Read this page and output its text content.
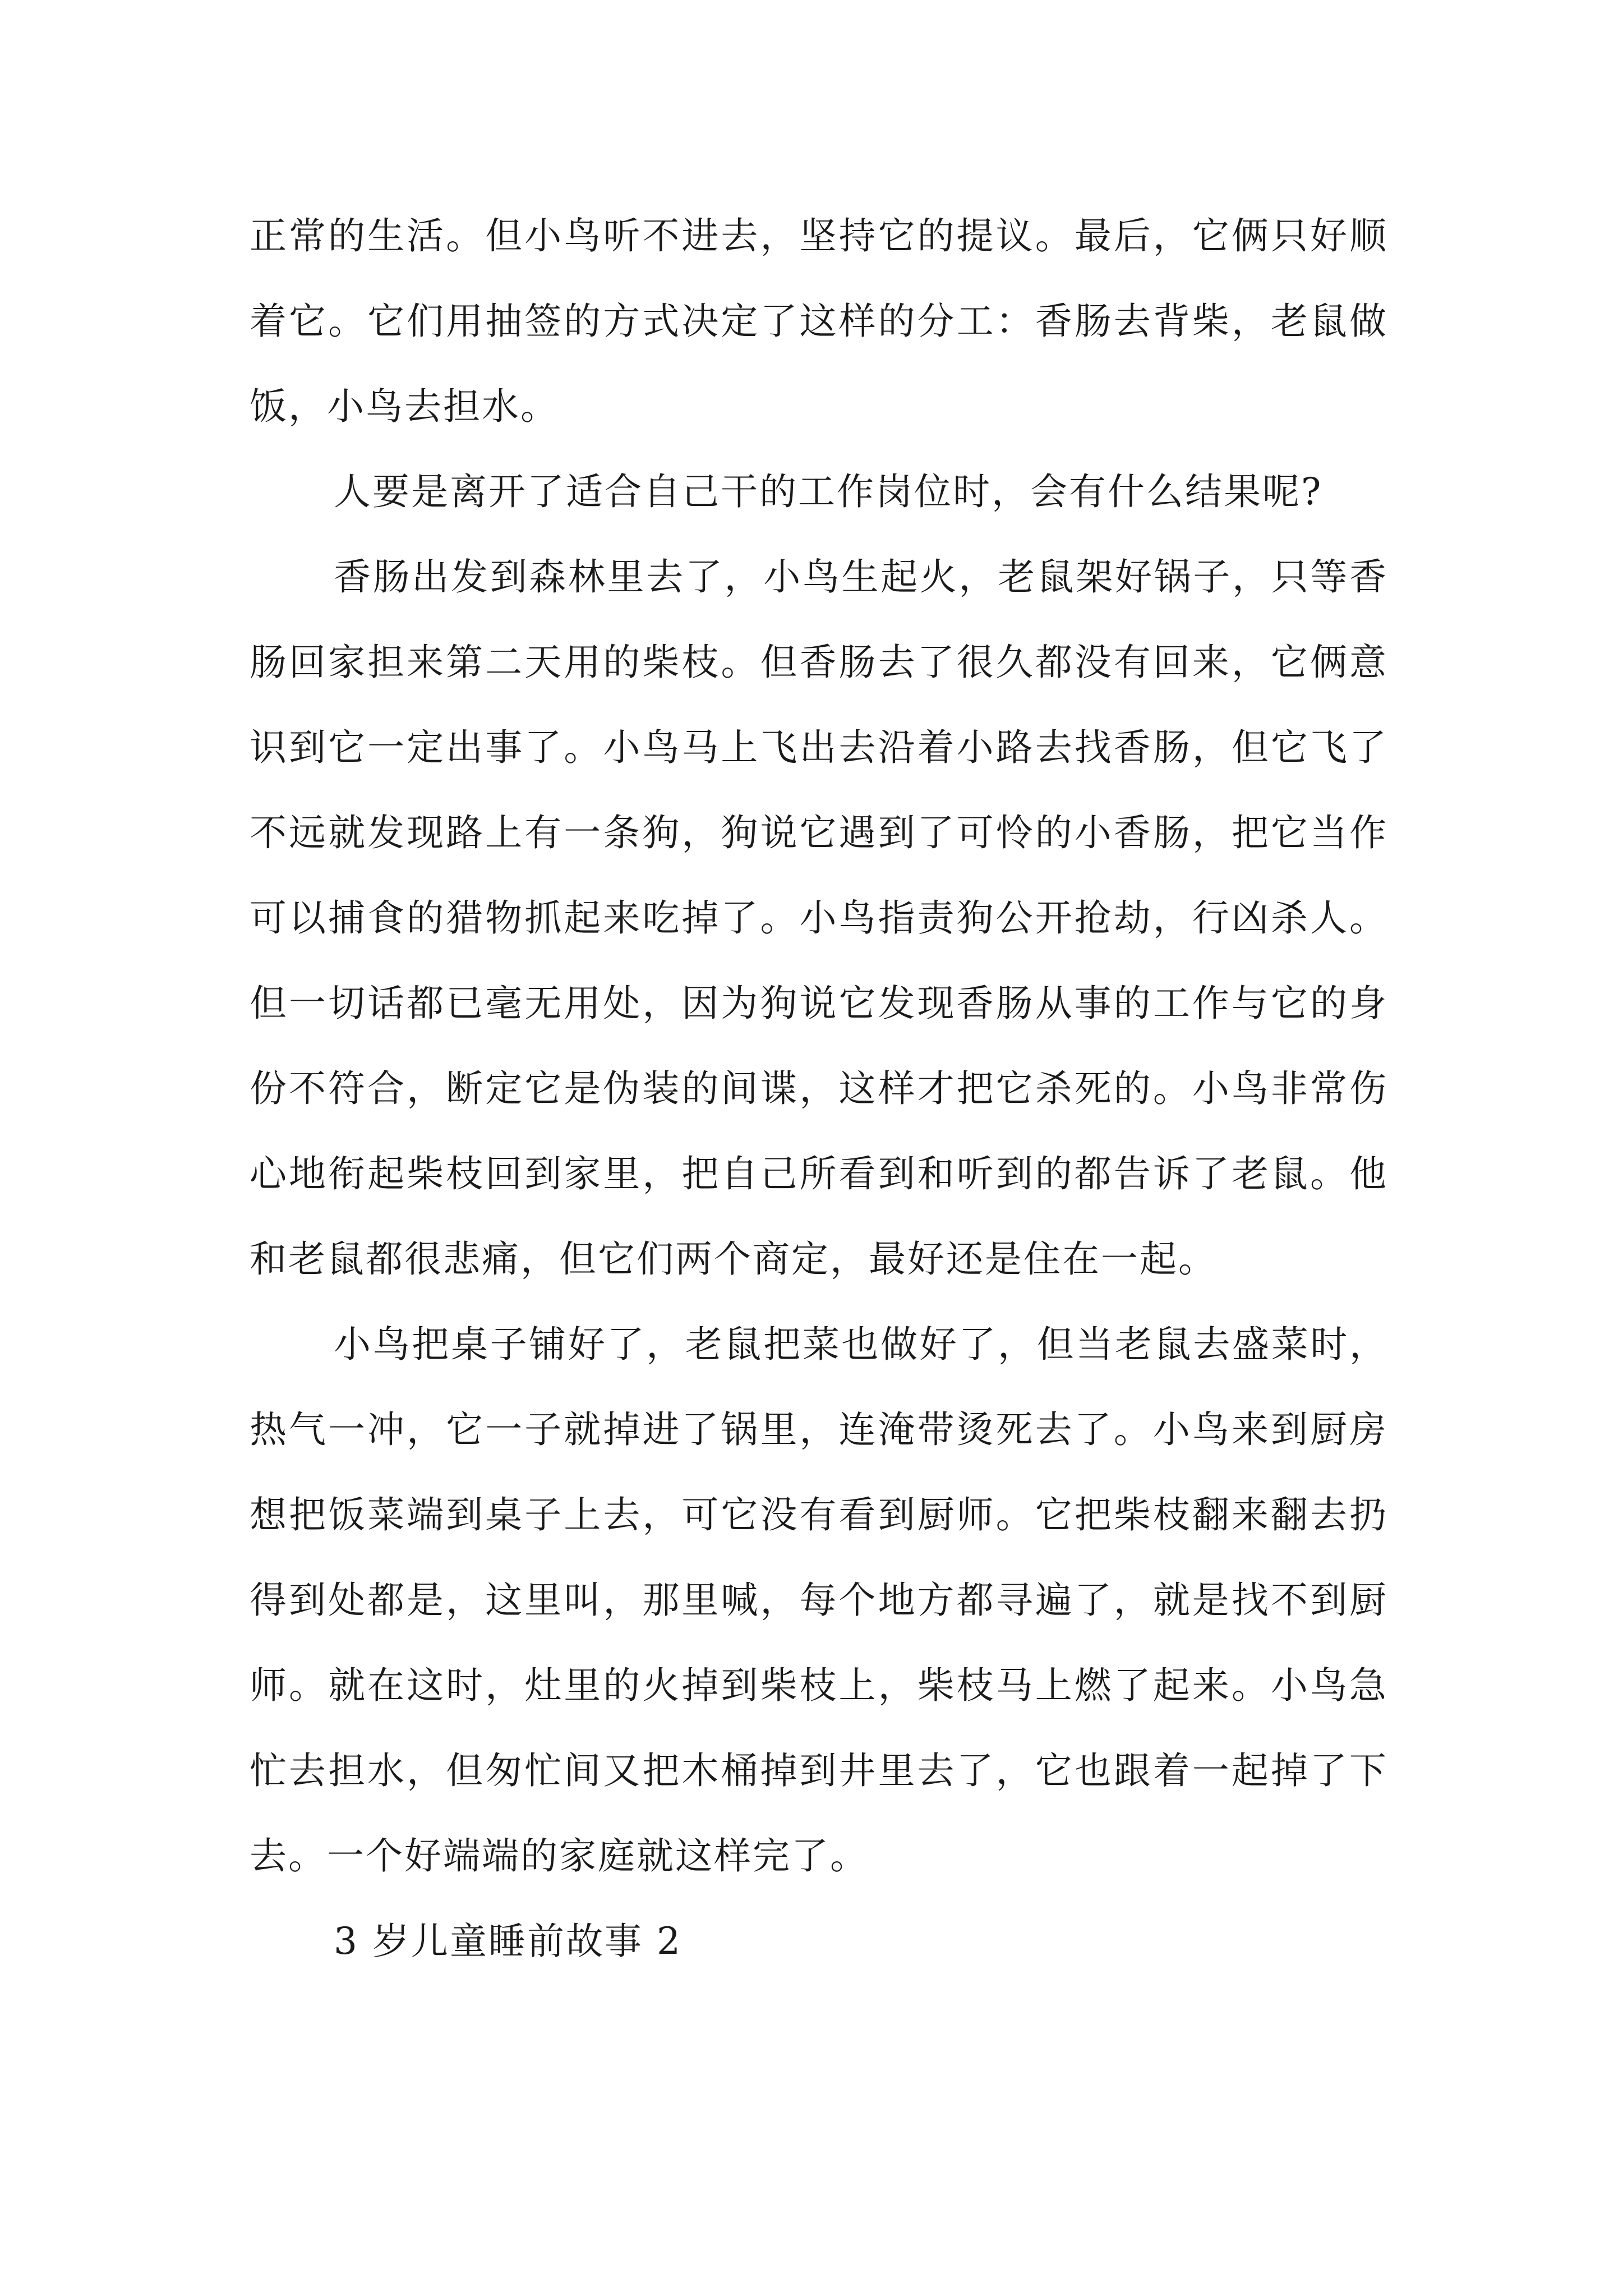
正常的生活。但小鸟听不进去，坚持它的提议。最后，它俩只好顺着它。它们用抽签的方式决定了这样的分工：香肠去背柴，老鼠做饭，小鸟去担水。

人要是离开了适合自己干的工作岗位时，会有什么结果呢?

香肠出发到森林里去了，小鸟生起火，老鼠架好锅子，只等香肠回家担来第二天用的柴枝。但香肠去了很久都没有回来，它俩意识到它一定出事了。小鸟马上飞出去沿着小路去找香肠，但它飞了不远就发现路上有一条狗，狗说它遇到了可怜的小香肠，把它当作可以捕食的猎物抓起来吃掉了。小鸟指责狗公开抢劫，行凶杀人。但一切话都已毫无用处，因为狗说它发现香肠从事的工作与它的身份不符合，断定它是伪装的间谍，这样才把它杀死的。小鸟非常伤心地衔起柴枝回到家里，把自己所看到和听到的都告诉了老鼠。他和老鼠都很悲痛，但它们两个商定，最好还是住在一起。

小鸟把桌子铺好了，老鼠把菜也做好了，但当老鼠去盛菜时，热气一冲，它一子就掉进了锅里，连淹带烫死去了。小鸟来到厨房想把饭菜端到桌子上去，可它没有看到厨师。它把柴枝翻来翻去扔得到处都是，这里叫，那里喊，每个地方都寻遍了，就是找不到厨师。就在这时，灶里的火掉到柴枝上，柴枝马上燃了起来。小鸟急忙去担水，但匆忙间又把木桶掉到井里去了，它也跟着一起掉了下去。一个好端端的家庭就这样完了。

3 岁儿童睡前故事 2
